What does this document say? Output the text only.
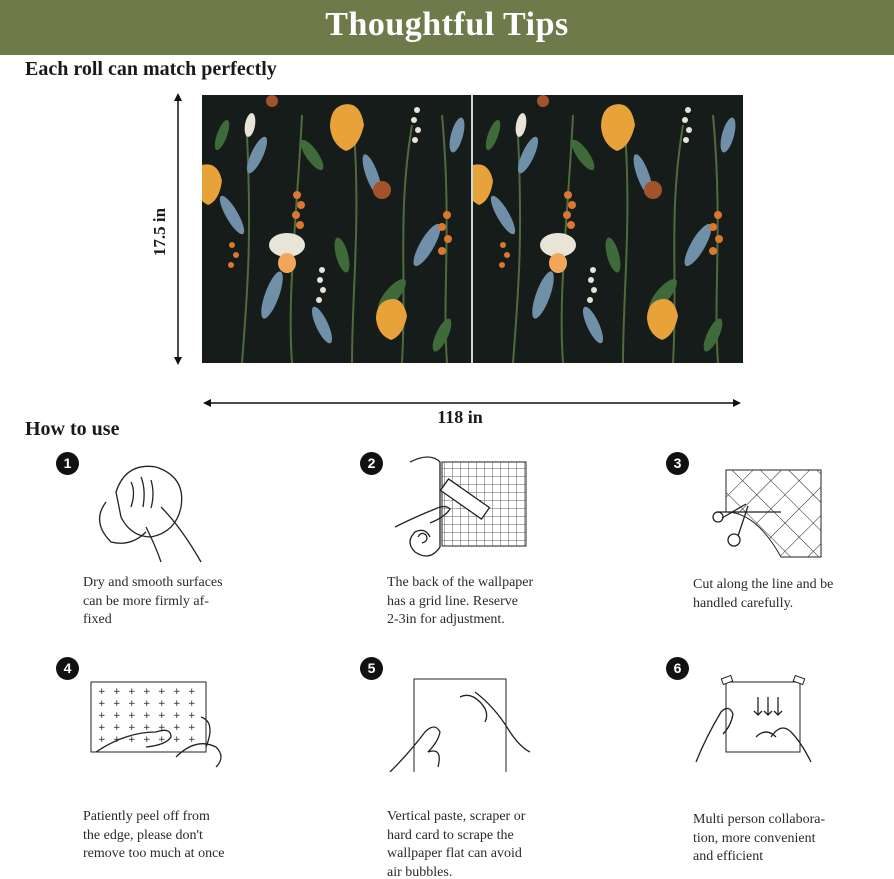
Thoughtful Tips
Each roll can match perfectly
17.5 in
118 in
How to use
1
Dry and smooth surfaces
can be more firmly af-
fixed
2
The back of the wallpaper
has a grid line. Reserve
2-3in for adjustment.
3
Cut along the line and be
handled carefully.
4
+ + + + + + +
+ + + + + + +
+ + + + + + +
+ + + + + + +
+ + + + + + +
Patiently peel off from
the edge, please don't
remove too much at once
5
Vertical paste, scraper or
hard card to scrape the
wallpaper flat can avoid
air bubbles.
6
Multi person collabora-
tion, more convenient
and efficient
